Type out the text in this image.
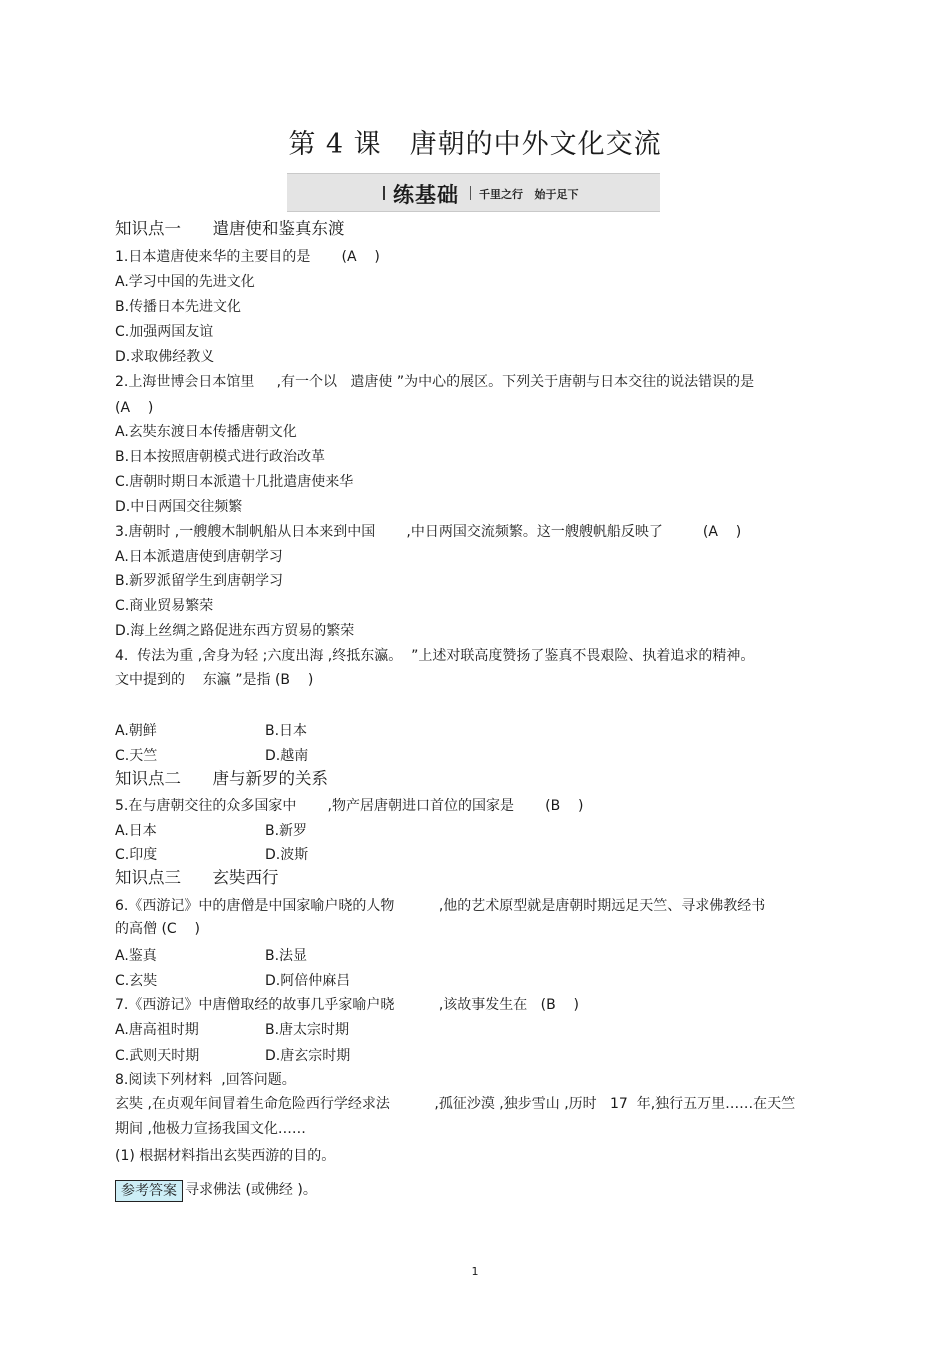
第 4 课 唐朝的中外文化交流
练基础 千里之行   始于足下
知识点一      遣唐使和鉴真东渡
1.日本遣唐使来华的主要目的是       (A    )
A.学习中国的先进文化
B.传播日本先进文化
C.加强两国友谊
D.求取佛经教义
2.上海世博会日本馆里     ,有一个以   遣唐使 ”为中心的展区。下列关于唐朝与日本交往的说法错误的是
(A    )
A.玄奘东渡日本传播唐朝文化
B.日本按照唐朝模式进行政治改革
C.唐朝时期日本派遣十几批遣唐使来华
D.中日两国交往频繁
3.唐朝时 ,一艘艘木制帆船从日本来到中国       ,中日两国交流频繁。这一艘艘帆船反映了         (A    )
A.日本派遣唐使到唐朝学习
B.新罗派留学生到唐朝学习
C.商业贸易繁荣
D.海上丝绸之路促进东西方贸易的繁荣
4.  传法为重 ,舍身为轻 ;六度出海 ,终抵东瀛。  ”上述对联高度赞扬了鉴真不畏艰险、执着追求的精神。
文中提到的    东瀛 ”是指 (B    )
A.朝鲜	B.日本
C.天竺	D.越南
知识点二      唐与新罗的关系
5.在与唐朝交往的众多国家中       ,物产居唐朝进口首位的国家是       (B    )
A.日本	B.新罗
C.印度	D.波斯
知识点三      玄奘西行
6.《西游记》中的唐僧是中国家喻户晓的人物          ,他的艺术原型就是唐朝时期远足天竺、寻求佛教经书
的高僧 (C    )
A.鉴真	B.法显
C.玄奘	D.阿倍仲麻吕
7.《西游记》中唐僧取经的故事几乎家喻户晓          ,该故事发生在   (B    )
A.唐高祖时期	B.唐太宗时期
C.武则天时期	D.唐玄宗时期
8.阅读下列材料  ,回答问题。
玄奘 ,在贞观年间冒着生命危险西行学经求法          ,孤征沙漠 ,独步雪山 ,历时   17  年,独行五万里……在天竺
期间 ,他极力宣扬我国文化……
(1) 根据材料指出玄奘西游的目的。
参考答案 寻求佛法 (或佛经 )。
1
